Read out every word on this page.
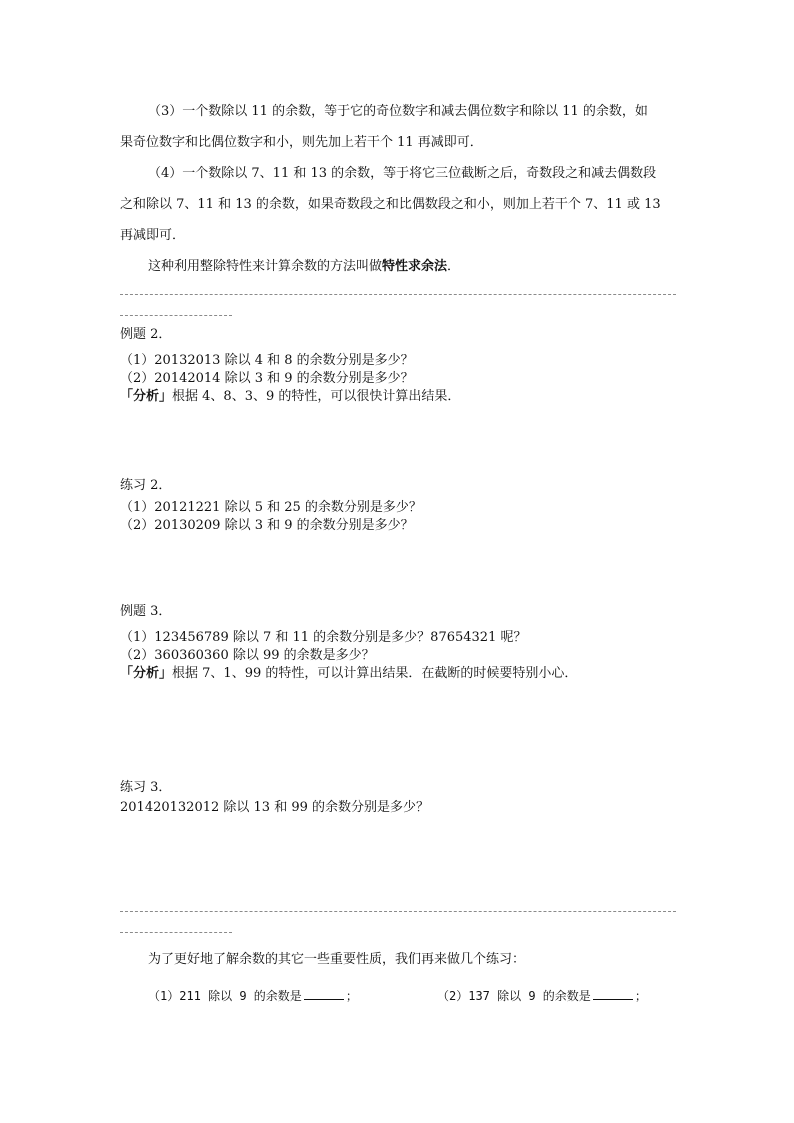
（3）一个数除以 11 的余数，等于它的奇位数字和减去偶位数字和除以 11 的余数，如

果奇位数字和比偶位数字和小，则先加上若干个 11 再减即可．

（4）一个数除以 7、11 和 13 的余数，等于将它三位截断之后，奇数段之和减去偶数段

之和除以 7、11 和 13 的余数，如果奇数段之和比偶数段之和小，则加上若干个 7、11 或 13

再减即可．

这种利用整除特性来计算余数的方法叫做特性求余法．

例题 2．

（1）20132013 除以 4 和 8 的余数分别是多少？

（2）20142014 除以 3 和 9 的余数分别是多少？

「分析」根据 4、8、3、9 的特性，可以很快计算出结果．

练习 2．

（1）20121221 除以 5 和 25 的余数分别是多少？

（2）20130209 除以 3 和 9 的余数分别是多少？

例题 3．

（1）123456789 除以 7 和 11 的余数分别是多少？87654321 呢？

（2）360360360 除以 99 的余数是多少？

「分析」根据 7、1、99 的特性，可以计算出结果．在截断的时候要特别小心．

练习 3．

201420132012 除以 13 和 99 的余数分别是多少？

为了更好地了解余数的其它一些重要性质，我们再来做几个练习：

（1）211 除以 9 的余数是	；	（2）137 除以 9 的余数是	；
